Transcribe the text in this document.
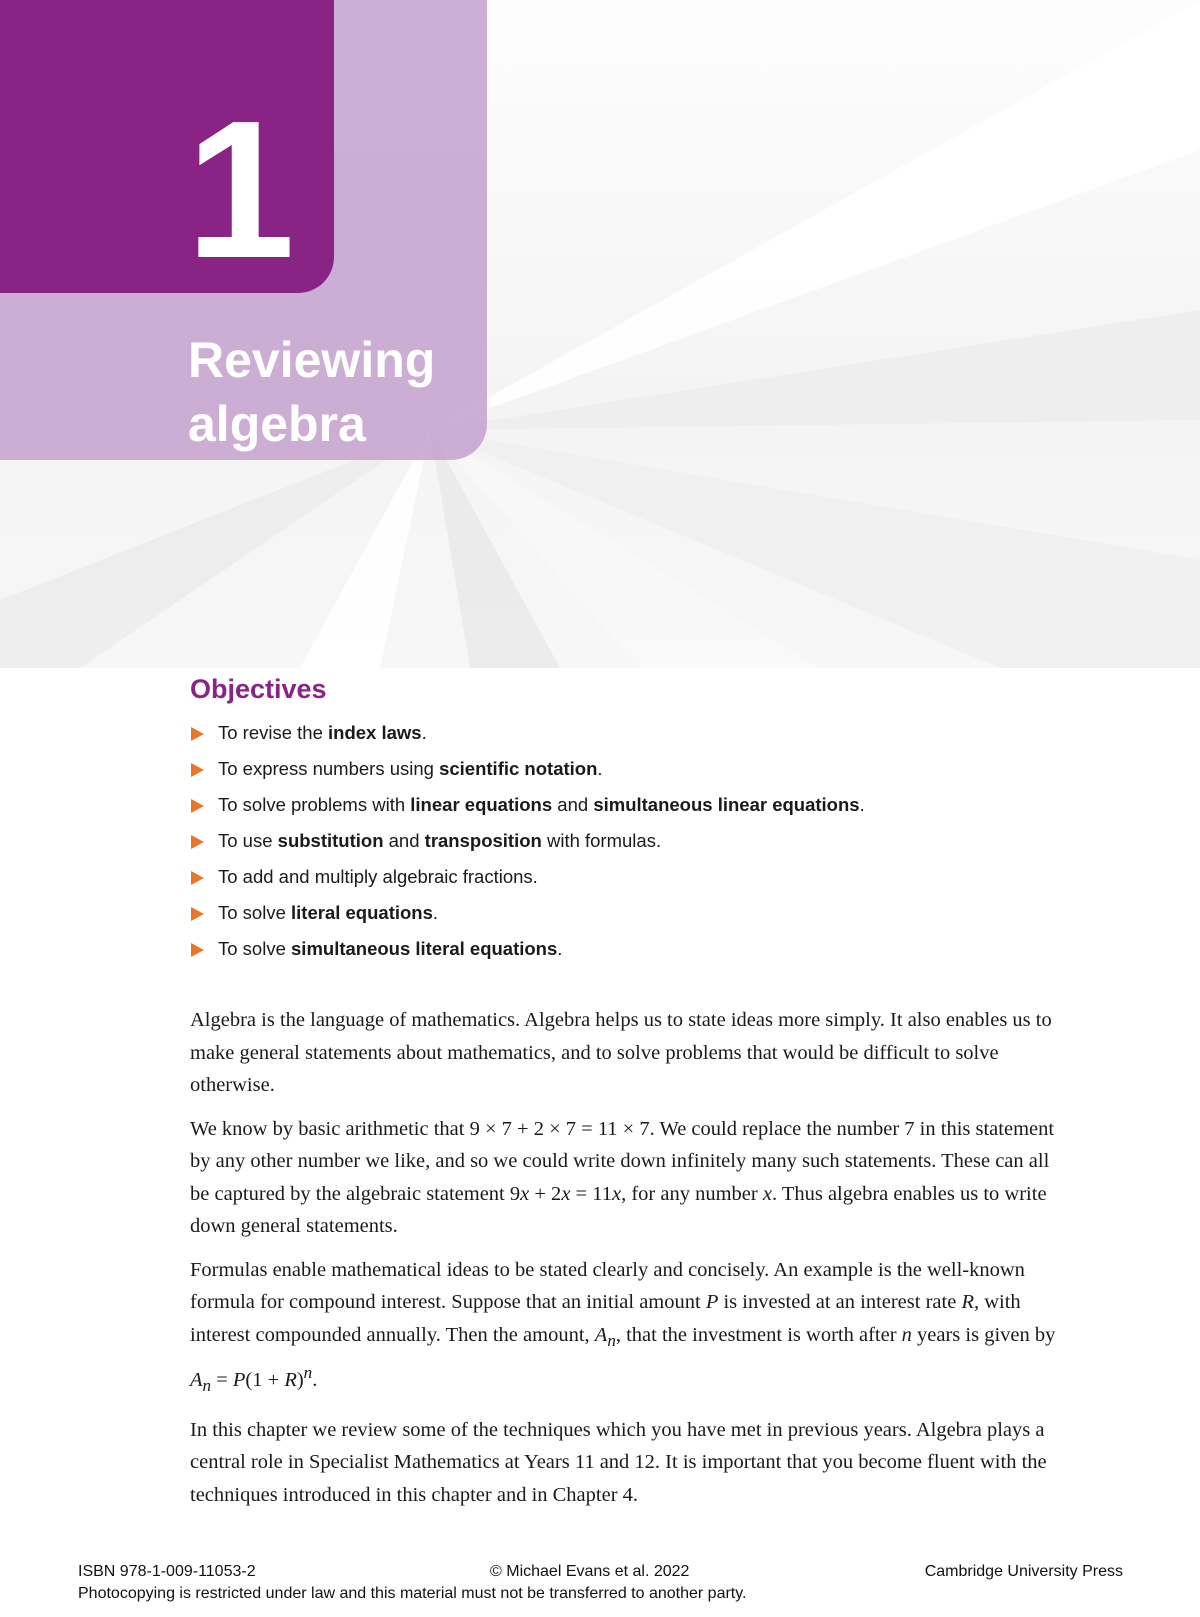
1
Reviewing
algebra
Objectives
To revise the index laws.
To express numbers using scientific notation.
To solve problems with linear equations and simultaneous linear equations.
To use substitution and transposition with formulas.
To add and multiply algebraic fractions.
To solve literal equations.
To solve simultaneous literal equations.

Algebra is the language of mathematics. Algebra helps us to state ideas more simply. It also enables us to make general statements about mathematics, and to solve problems that would be difficult to solve otherwise.

We know by basic arithmetic that 9 × 7 + 2 × 7 = 11 × 7. We could replace the number 7 in this statement by any other number we like, and so we could write down infinitely many such statements. These can all be captured by the algebraic statement 9x + 2x = 11x, for any number x. Thus algebra enables us to write down general statements.

Formulas enable mathematical ideas to be stated clearly and concisely. An example is the well-known formula for compound interest. Suppose that an initial amount P is invested at an interest rate R, with interest compounded annually. Then the amount, $A_n$, that the investment is worth after n years is given by $A_n = P(1 + R)^n$.

In this chapter we review some of the techniques which you have met in previous years. Algebra plays a central role in Specialist Mathematics at Years 11 and 12. It is important that you become fluent with the techniques introduced in this chapter and in Chapter 4.

ISBN 978-1-009-11053-2	© Michael Evans et al. 2022	Cambridge University Press
Photocopying is restricted under law and this material must not be transferred to another party.
